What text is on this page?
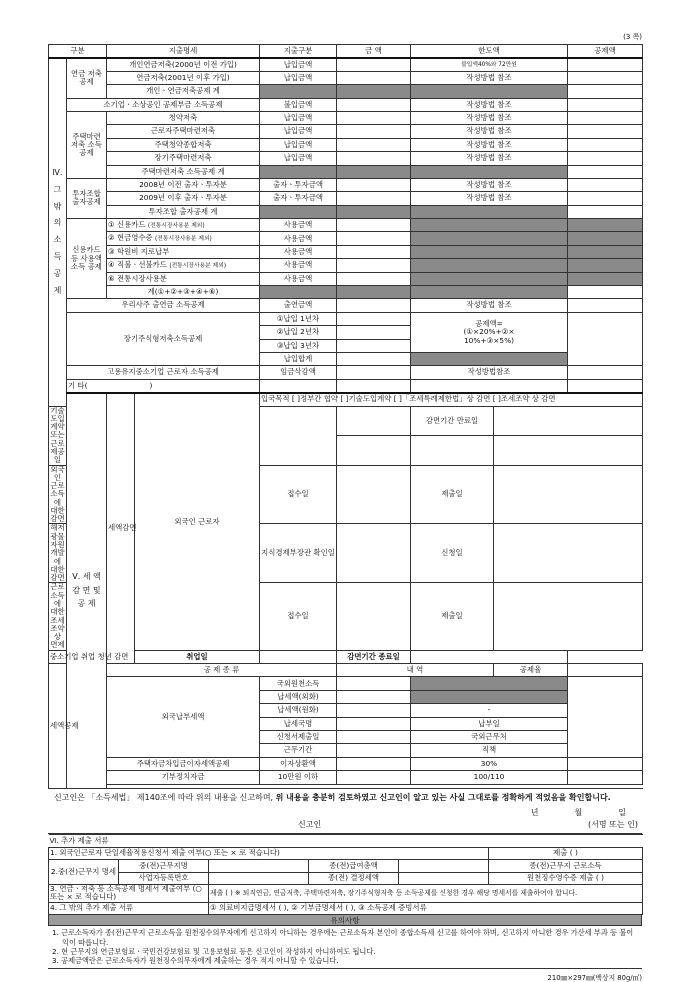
(3 쪽)
구분		지출명세		지출구분	금 액	한도액		공제액
Ⅳ. 그 밖 의 소 득 공 제	연금 저축공제	개인연금저축(2000년 이전 가입)		납입금액		불입액40%와 72만원		
		연금저축(2001년 이후 가입)		납입금액		작성방법 참조		
		개인ㆍ연금저축공제 계						
	소기업ㆍ소상공인 공제부금 소득공제			불입금액		작성방법 참조		
	주택마련 저축 소득공제	청약저축		납입금액		작성방법 참조		
		근로자주택마련저축		납입금액		작성방법 참조		
		주택청약종합저축		납입금액		작성방법 참조		
		장기주택마련저축		납입금액		작성방법 참조		
		주택마련저축 소득공제 계						
	투자조합 출자공제	2008년 이전 출자ㆍ투자분		출자ㆍ투자금액		작성방법 참조		
		2009년 이후 출자ㆍ투자분		출자ㆍ투자금액		작성방법 참조		
		투자조합 출자공제 계						
	신용카드 등 사용액 소득 공제	① 신용카드 (전통시장사용분 제외)		사용금액				
		② 현금영수증 (전통시장사용분 제외)		사용금액				
		③ 학원비 지로납부		사용금액				
		④ 직불ㆍ선불카드 (전통시장사용분 제외)		사용금액				
		⑥ 전통시장사용분		사용금액				
		계(①+②+③+④+⑥)						
	우리사주 출연금 소득공제			출연금액		작성방법 참조		
	장기주식형저축소득공제			①납입 1년차		공제액=
(①×20%+②×
10%+③×5%)		

				②납입 2년차				
				③납입 3년차				
				납입합계				
	고용유지중소기업 근로자 소득공제			임금삭감액		작성방법참조		
	기 타( )							
	Ⅴ. 세 액 감 면 및 공 제	세액감면	외국인 근로자	입국목적 [ ]정부간 협약 [ ]기술도입계약 [ ]「조세특례제한법」상 감면 [ ]조세조약 상 감면				
기술도입계약 또는 근로제공일						감면기간 만료일		

외국인 근로소득에 대한 감면				접수일		제출일		

해저광물자원개발에 대한 감면				지식경제부장관 확인일		신청일		

근로소득에 대한 조세조약 상 면제				접수일		제출일		
중소기업 취업 청년 감면			취업일		감면기간 종료일			
세액공제		공 제 종 류			내 역		공제율	
		외국납부세액		국외원천소득				
				납세액(외화)				
				납세액(원화)		-		
				납세국명		납부일		
				신청서제출일		국외근무처		
				근무기간		직책		
		주택자금차입금이자세액공제		이자상환액		30%		
		기부정치자금		10만원 이하		100/110		

신고인은 「소득세법」 제140조에 따라 위의 내용을 신고하며, 위 내용을 충분히 검토하였고 신고인이 알고 있는 사실 그대로를 정확하게 적었음을 확인합니다.
년	월	일
신고인	(서명 또는 인)
Ⅵ. 추가 제출 서류					
1. 외국인근로자 단일세율적용신청서 제출 여부(○ 또는 × 로 적습니다)					제출 ( )
2.중(전)근무지 명세	중(전)근무지명		종(전)급여총액		종(전)근무지 근로소득
	사업자등록번호		종(전) 결정세액		원천징수영수증 제출 ( )
3. 연금ㆍ저축 등 소득공제 명세서 제출여부 (○ 또는 × 로 적습니다)		제출 ( ) ※ 퇴직연금, 연금저축, 주택마련저축, 장기주식형저축 등 소득공제를 신청한 경우 해당 명세서를 제출하여야 합니다.			
4. 그 밖의 추가 제출 서류		① 의료비지급명세서 ( ), ② 기부금명세서 ( ), ③ 소득공제 증빙서류			
유의사항

1. 근로소득자가 종(전)근무지 근로소득을 원천징수의무자에게 신고하지 아니하는 경우에는 근로소득자 본인이 종합소득세 신고를 하여야 하며, 신고하지 아니한 경우 가산세 부과 등 불이익이 따릅니다.

2. 현 근무지의 연금보험료ㆍ국민건강보험료 및 고용보험료 등은 신고인이 작성하지 아니하여도 됩니다.

3. 공제금액란은 근로소득자가 원천징수의무자에게 제출하는 경우 적지 아니할 수 있습니다.

210㎜×297㎜(백상지 80g/㎡)
